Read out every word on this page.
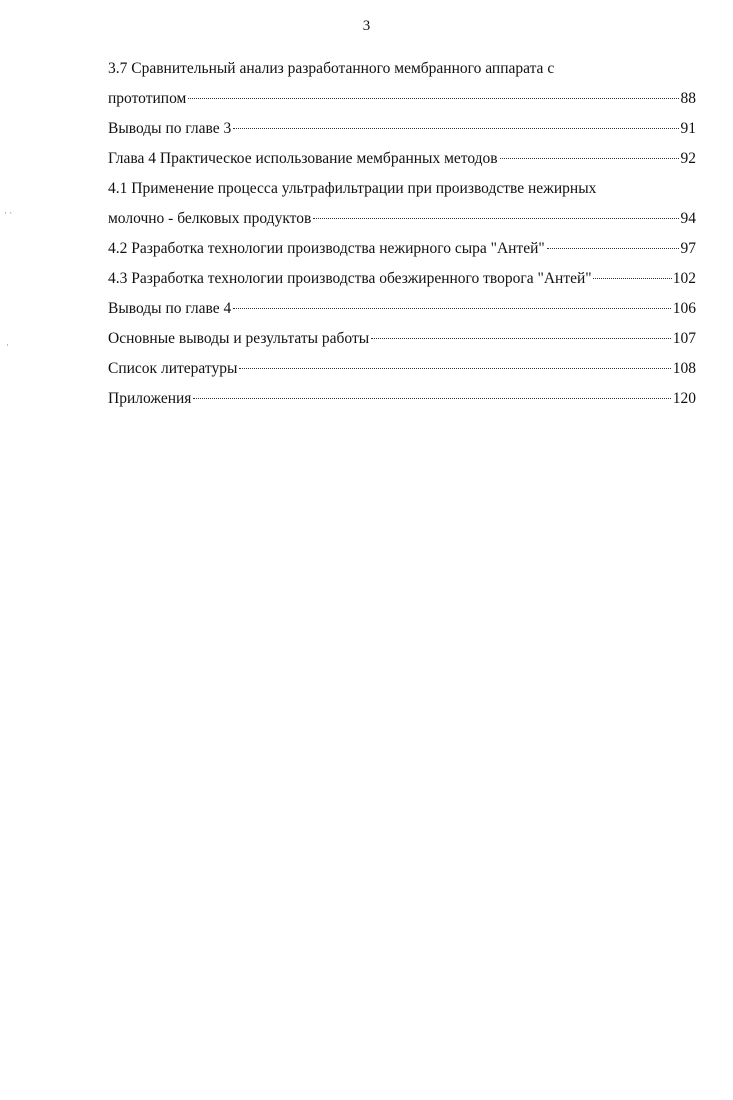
3
· ·
·
3.7 Сравнительный анализ разработанного мембранного аппарата с
прототипом	88
Выводы по главе 3	91
Глава 4 Практическое использование мембранных методов	92
4.1 Применение процесса ультрафильтрации при производстве нежирных
молочно - белковых продуктов	94
4.2 Разработка технологии производства нежирного сыра "Антей"	97
4.3 Разработка технологии производства обезжиренного творога "Антей"	102
Выводы по главе 4	106
Основные выводы и результаты работы	107
Список литературы	108
Приложения	120
